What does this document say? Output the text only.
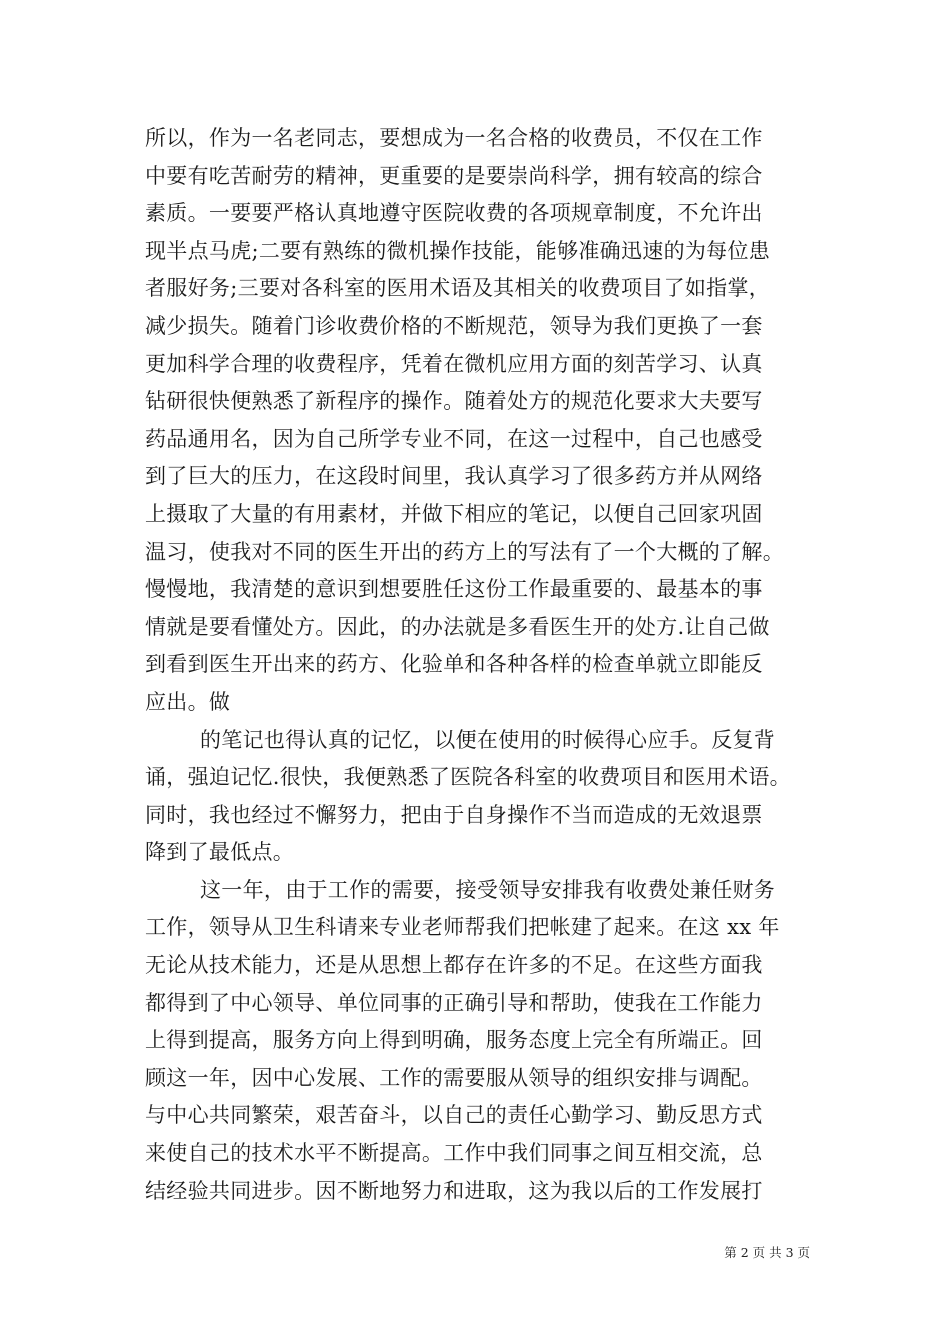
所以，作为一名老同志，要想成为一名合格的收费员，不仅在工作
中要有吃苦耐劳的精神，更重要的是要崇尚科学，拥有较高的综合
素质。一要要严格认真地遵守医院收费的各项规章制度，不允许出
现半点马虎;二要有熟练的微机操作技能，能够准确迅速的为每位患
者服好务;三要对各科室的医用术语及其相关的收费项目了如指掌，
减少损失。随着门诊收费价格的不断规范，领导为我们更换了一套
更加科学合理的收费程序，凭着在微机应用方面的刻苦学习、认真
钻研很快便熟悉了新程序的操作。随着处方的规范化要求大夫要写
药品通用名，因为自己所学专业不同，在这一过程中，自己也感受
到了巨大的压力，在这段时间里，我认真学习了很多药方并从网络
上摄取了大量的有用素材，并做下相应的笔记，以便自己回家巩固
温习，使我对不同的医生开出的药方上的写法有了一个大概的了解。
慢慢地，我清楚的意识到想要胜任这份工作最重要的、最基本的事
情就是要看懂处方。因此，的办法就是多看医生开的处方.让自己做
到看到医生开出来的药方、化验单和各种各样的检查单就立即能反
应出。做
的笔记也得认真的记忆，以便在使用的时候得心应手。反复背
诵，强迫记忆.很快，我便熟悉了医院各科室的收费项目和医用术语。
同时，我也经过不懈努力，把由于自身操作不当而造成的无效退票
降到了最低点。
这一年，由于工作的需要，接受领导安排我有收费处兼任财务
工作，领导从卫生科请来专业老师帮我们把帐建了起来。在这 xx 年
无论从技术能力，还是从思想上都存在许多的不足。在这些方面我
都得到了中心领导、单位同事的正确引导和帮助，使我在工作能力
上得到提高，服务方向上得到明确，服务态度上完全有所端正。回
顾这一年，因中心发展、工作的需要服从领导的组织安排与调配。
与中心共同繁荣，艰苦奋斗，以自己的责任心勤学习、勤反思方式
来使自己的技术水平不断提高。工作中我们同事之间互相交流，总
结经验共同进步。因不断地努力和进取，这为我以后的工作发展打
第 2 页 共 3 页
